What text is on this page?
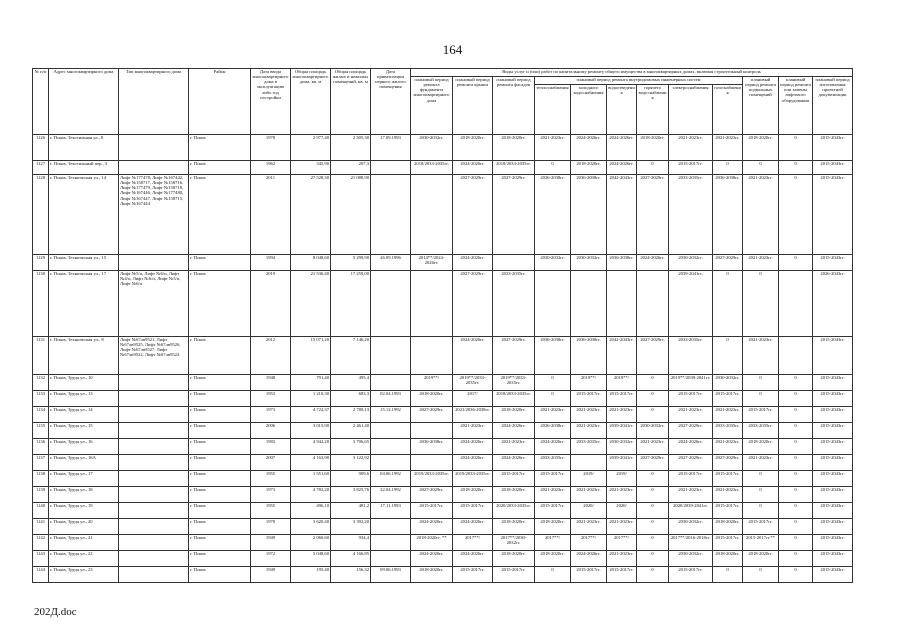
164
№ п/п	Адрес многоквартирного дома	Тип многоквартирного дома	Район	Дата ввода многоквартирного дома в эксплуатацию либо год постройки	Общая площадь многоквартирного дома, кв. м	Общая площадь жилых и нежилых помещений, кв. м	Дата приватизации первого жилого помещения	Виды услуг и (или) работ по капитальному ремонту общего имущества в многоквартирных домах, включая строительный контроль											
								плановый период ремонта фундамента многоквартирного дома	плановый период ремонта крыши	плановый период ремонта фасадов	плановый период ремонта внутридомовых инженерных систем						плановый период ремонта подвальных помещений	плановый период ремонта или замены лифтового оборудования	плановый период изготовления проектной документации
											теплоснабжения	холодного водоснабжения	водоотведения	горячего водоснабжения	электроснабжения	газоснабжения			
1126	г. Псков, Текстильная ул., 8		г. Псков	1978	2 977,40	2 305,30	17.09.1993	2030-2032гг.	2018-2020гг.	2018-2020гг.	2021-2023гг.	2024-2026гг.	2024-2026гг.	2018-2020гг.	2021-2023гг.	2021-2023гг.	2018-2020гг.	0	2015-2043гг.
1127	г. Псков, Текстильный пер., 3		г. Псков	1962	345,90	207,3		2018/2033-2035гг.	2024-2026гг.	2018/2033-2035гг.	0	2018-2020гг.	2024-2026гг.	0	2015-2017гг.	0	0	0	2015-2043гг.
1128	г. Псков, Техническая ул., 14	Лифт №177478, Лифт №167442, Лифт №158717, Лифт №158716, Лифт №177479, Лифт №158718, Лифт №167446, Лифт №177480, Лифт №167447, Лифт №158715, Лифт №167444	г. Псков	2011	27 528,30	21 088,90			2027-2029гг.	2027-2029гг.	2036-2038гг.	2036-2038гг.	2042-2043гг.	2027-2029гг.	2033-2035гг.	2036-2038гг.	2021-2023гг.	0	2015-2043гг.
1129	г. Псков, Техническая ул., 15		г. Псков	1994	8 048,60	5 299,90	26.09.1996	2014**/2024-2026гг.	2024-2026гг.		2030-2032гг.	2030-2032гг.	2036-2038гг.	2024-2026гг.	2030-2032гг.	2027-2029гг.	2021-2023гг.	0	2015-2043гг.
1130	г. Псков, Техническая ул., 17	Лифт №5/п, Лифт №6/п, Лифт №4/п, Лифт №6/п, Лифт №5/п, Лифт №6/п	г. Псков	2019	21 536,40	17 259,00			2027-2029гг.	2033-2035гг.					2039-2041гг.	0	0		2026-2043гг.
1131	г. Псков, Техническая ул., 8	Лифт №67лв9521, Лифт №67лв9525, Лифт №67лв9526, Лифт №67лв9527, Лифт №67лв9522, Лифт №67лв9524	г. Псков	2012	15 071,20	7 146,20			2024-2026гг.	2027-2029гг.	2036-2038гг.	2036-2038гг.	2042-2043гг.	2027-2029гг.	2033-2035гг.	0	2021-2023гг.		2015-2043гг.
1132	г. Псков, Труда ул., 10		г. Псков	1948	791,40	495,4		2019**/	2019**/2033-2035гг.	2019**/2033-2035гг.	0	2019**/	2019**/	0	2019**/2039-2041гг.	2030-2032гг.	0	0	2015-2043гг.
1133	г. Псков, Труда ул., 13		г. Псков	1953	1 210,30	683,3	02.04.1993	2018-2020гг.	2017/	2018/2033-2035гг.	0	2015-2017гг.	2015-2017гг.	0	2015-2017гг.	2015-2017гг.	0	0	2015-2043гг.
1134	г. Псков, Труда ул., 14		г. Псков	1973	4 722,37	2 780,13	15.12.1992	2027-2029гг.	2021/2036-2038гг.	2018-2020гг.	2021-2023гг.	2021-2023гг.	2021-2023гг.	0	2021-2023гг.	2021-2023гг.	2015-2017гг.	0	2015-2043гг.
1135	г. Псков, Труда ул., 15		г. Псков	2006	3 015,90	2 461,40			2021-2023гг.	2024-2026гг.	2036-2038гг.	2021-2023гг.	2039-2041гг.	2030-2032гг.	2027-2029гг.	2033-2035гг.	2033-2035гг.	0	2015-2043гг.
1136	г. Псков, Труда ул., 16		г. Псков	1983	4 942,20	3 706,65		2036-2038гг.	2024-2026гг.	2021-2023гг.	2024-2026гг.	2033-2035гг.	2030-2032гг.	2021-2023гг.	2024-2026гг.	2021-2023гг.	2018-2020гг.	0	2015-2043гг.
1137	г. Псков, Труда ул., 16А		г. Псков	2007	4 163,90	3 122,92			2024-2026гг.	2024-2026гг.	2033-2035гг.		2039-2041гг.	2027-2029гг.	2027-2029гг.	2027-2029гг.	2021-2023гг.	0	2015-2043гг.
1138	г. Псков, Труда ул., 17		г. Псков	1955	1 551,60	909,6	04.06.1992	2019/2033-2035гг.	2019/2033-2035гг.	2015-2017гг.	2015-2017гг.	2019/	2019/	0	2015-2017гг.	2015-2017гг.	0	0	2015-2043гг.
1139	г. Псков, Труда ул., 18		г. Псков	1973	4 782,20	3 825,76	22.04.1992	2027-2029гг.	2018-2020гг.	2018-2020гг.	2021-2023гг.	2021-2023гг.	2021-2023гг.	0	2021-2023гг.	2021-2023гг.	0	0	2015-2043гг.
1140	г. Псков, Труда ул., 19		г. Псков	1955	496,10	481,2	17.11.1993	2015-2017гг.	2015-2017гг.	2020/2033-2035гг.	2015-2017гг.	2020/	2020/	0	2020/2039-2041гг.	2015-2017гг.	0	0	2015-2043гг.
1141	г. Псков, Труда ул., 20		г. Псков	1970	3 620,40	3 392,20		2024-2026гг.	2024-2026гг.	2018-2020гг.	2018-2020гг.	2021-2023гг.	2021-2023гг.	0	2030-2032гг.	2018-2020гг.	2015-2017гг.	0	2015-2043гг.
1142	г. Псков, Труда ул., 21		г. Псков	1949	2 060,60	934,4		2018-2020гг. **	2017**/	2017**/2030-2032гг.	2017**/	2017**/	2017**/	0	2017**/2016-2018гг.	2015-2017гг.	2015-2017гг.**	0	2015-2043гг.
1143	г. Псков, Труда ул., 22		г. Псков	1972	5 048,60	4 166,85		2024-2026гг.	2024-2026гг.	2018-2020гг.	2018-2020гг.	2024-2026гг.	2021-2023гг.	0	2030-2032гг.	2018-2020гг.	2018-2020гг.	0	2015-2043гг.
1144	г. Псков, Труда ул., 23		г. Псков	1949	195,40	156,32	09.06.1993	2018-2020гг.	2015-2017гг.	2015-2017гг.	0	2015-2017гг.	2015-2017гг.	0	2015-2017гг.	0	0	0	2015-2043гг.
202Д.doc
